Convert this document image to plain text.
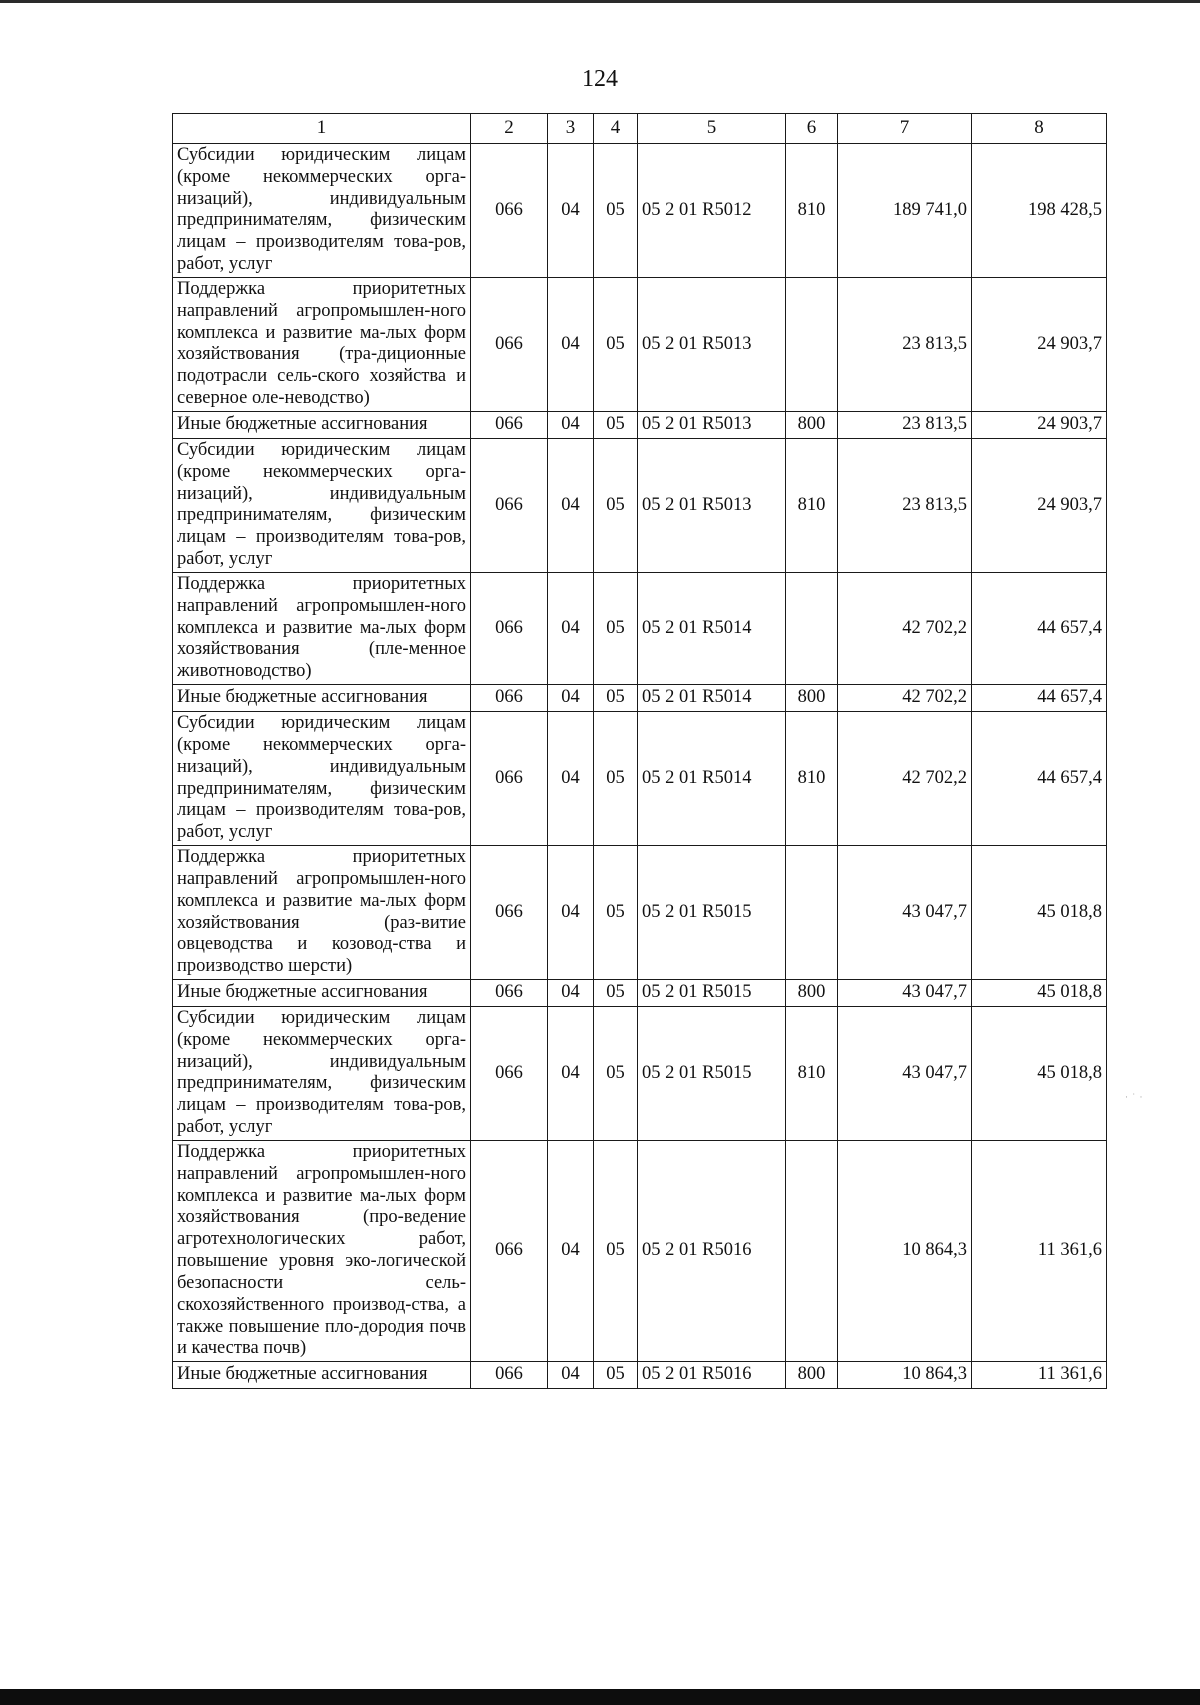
124
1	2	3	4	5	6	7	8
Субсидии юридическим лицам (кроме некоммерческих орга-низаций), индивидуальным предпринимателям, физическим лицам – производителям това-ров, работ, услуг	066	04	05	05 2 01 R5012	810	189 741,0	198 428,5
Поддержка приоритетных направлений агропромышлен-ного комплекса и развитие ма-лых форм хозяйствования (тра-диционные подотрасли сель-ского хозяйства и северное оле-неводство)	066	04	05	05 2 01 R5013		23 813,5	24 903,7
Иные бюджетные ассигнования	066	04	05	05 2 01 R5013	800	23 813,5	24 903,7
Субсидии юридическим лицам (кроме некоммерческих орга-низаций), индивидуальным предпринимателям, физическим лицам – производителям това-ров, работ, услуг	066	04	05	05 2 01 R5013	810	23 813,5	24 903,7
Поддержка приоритетных направлений агропромышлен-ного комплекса и развитие ма-лых форм хозяйствования (пле-менное животноводство)	066	04	05	05 2 01 R5014		42 702,2	44 657,4
Иные бюджетные ассигнования	066	04	05	05 2 01 R5014	800	42 702,2	44 657,4
Субсидии юридическим лицам (кроме некоммерческих орга-низаций), индивидуальным предпринимателям, физическим лицам – производителям това-ров, работ, услуг	066	04	05	05 2 01 R5014	810	42 702,2	44 657,4
Поддержка приоритетных направлений агропромышлен-ного комплекса и развитие ма-лых форм хозяйствования (раз-витие овцеводства и козовод-ства и производство шерсти)	066	04	05	05 2 01 R5015		43 047,7	45 018,8
Иные бюджетные ассигнования	066	04	05	05 2 01 R5015	800	43 047,7	45 018,8
Субсидии юридическим лицам (кроме некоммерческих орга-низаций), индивидуальным предпринимателям, физическим лицам – производителям това-ров, работ, услуг	066	04	05	05 2 01 R5015	810	43 047,7	45 018,8
Поддержка приоритетных направлений агропромышлен-ного комплекса и развитие ма-лых форм хозяйствования (про-ведение агротехнологических работ, повышение уровня эко-логической безопасности сель-скохозяйственного производ-ства, а также повышение пло-дородия почв и качества почв)	066	04	05	05 2 01 R5016		10 864,3	11 361,6
Иные бюджетные ассигнования	066	04	05	05 2 01 R5016	800	10 864,3	11 361,6
· ˙ ·
